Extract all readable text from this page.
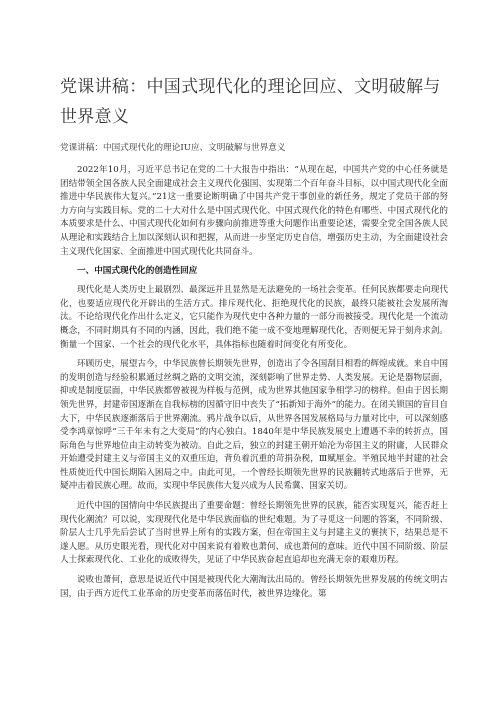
党课讲稿：中国式现代化的理论回应、文明破解与世界意义

党课讲稿：中国式现代化的理论IU应、文明破解与世界意义

2022年10月，习近平总书记在党的二十大报告中指出：“从现在起，中国共产党的中心任务就是团结带领全国各族人民全面建成社会主义现代化强国、实现第二个百年奋斗目标，以中国式现代化全面推进中华民族伟大复兴。”21这一重要论断明确了中国共产党干事创业的新任务，规定了党员干部的努力方向与实践目标。党的二十大对什么是中国式现代化、中国式现代化的特色有哪些、中国式现代化的本质要求是什么、中国式现代化如何有步骤向前推进等重大问题作出重要论述，需要全党全国各族人民从理论和实践结合上加以深刻认识和把握，从而进一步坚定历史自信，增强历史主动，为全面建设社会主义现代化国家、全面推进中国式现代化共同奋斗。

一、中国式现代化的创造性回应

现代化是人类历史上最剧烈、最深远并且显然是无法避免的一场社会变革。任何民族都要走向现代化，也要适应现代化开辟出的生活方式。排斥现代化、拒绝现代化的民族，最终只能被社会发展所淘汰。不论给现代化作出什么定义，它只能作为现代史中各种力量的一部分而被接受。现代化是一个流动概念，不同时期具有不同的内涵，因此，我们绝不能一成不变地理解现代化，否则便无异于刻舟求剑。衡量一个国家、一个社会的现代化水平，具体指标也随着时间变化有所变化。

环顾历史，展望古今，中华民族曾长期领先世界，创造出了令各国刮目相看的辉煌成就。来自中国的发明创造与经验积累通过丝绸之路的文明交流，深刻影响了世界走势、人类发展。无论是器物层面，抑或是制度层面，中华民族都曾被视为样板与范例，成为世界其他国家争相学习的榜样。但由于因长期领先世界，封建帝国逐渐在自我标榜的因循守旧中丧失了“拓新知于海外”的能力。在闭关锁国的盲目自大下，中华民族逐渐落后于世界潮流。鸦片战争以后，从世界各国发展格局与力量对比中，可以深刻感受李鸿章惊呼“三千年未有之大变局”的内心独白。1840年是中华民族发展史上遭遇不幸的转折点，国际角色与世界地位由主动转变为被动。自此之后，独立的封建王朝开始沦为帝国主义的附庸，人民群众开始遭受封建主义与帝国主义的双重压迫，背负着沉重的苛捐杂税，Ⅲ赋厘金。半殖民地半封建的社会性质使近代中国长期陷入困局之中。由此可见，一个曾经长期领先世界的民族翻转式地落后于世界，无疑冲击着民族心理。故而，实现中华民族伟大复兴成为人民希冀、国家关切。

近代中国的国情向中华民族提出了重要命题：曾经长期领先世界的民族，能否实现复兴，能否赶上现代化潮流？可以说，实现现代化是中华民族面临的世纪难题。为了寻觅这一问题的答案，不同阶级、阶层人士几乎先后尝试了当时世界上所有的实践方案，但在帝国主义与封建主义的裹挟下，结果总是不遂人愿。从历史眼光看，现代化对中国来说有着败也萧何、成也萧何的意味。近代中国不同阶级、阶层人士探索现代化、工业化的成败得失，见证了中华民族奋起直追却也充满无奈的艰难历程。

说败也萧何，意思是说近代中国是被现代化大潮淘汰出局的。曾经长期领先世界发展的传统文明古国，由于西方近代工业革命的历史变革而落伍时代，被世界边缘化。第
